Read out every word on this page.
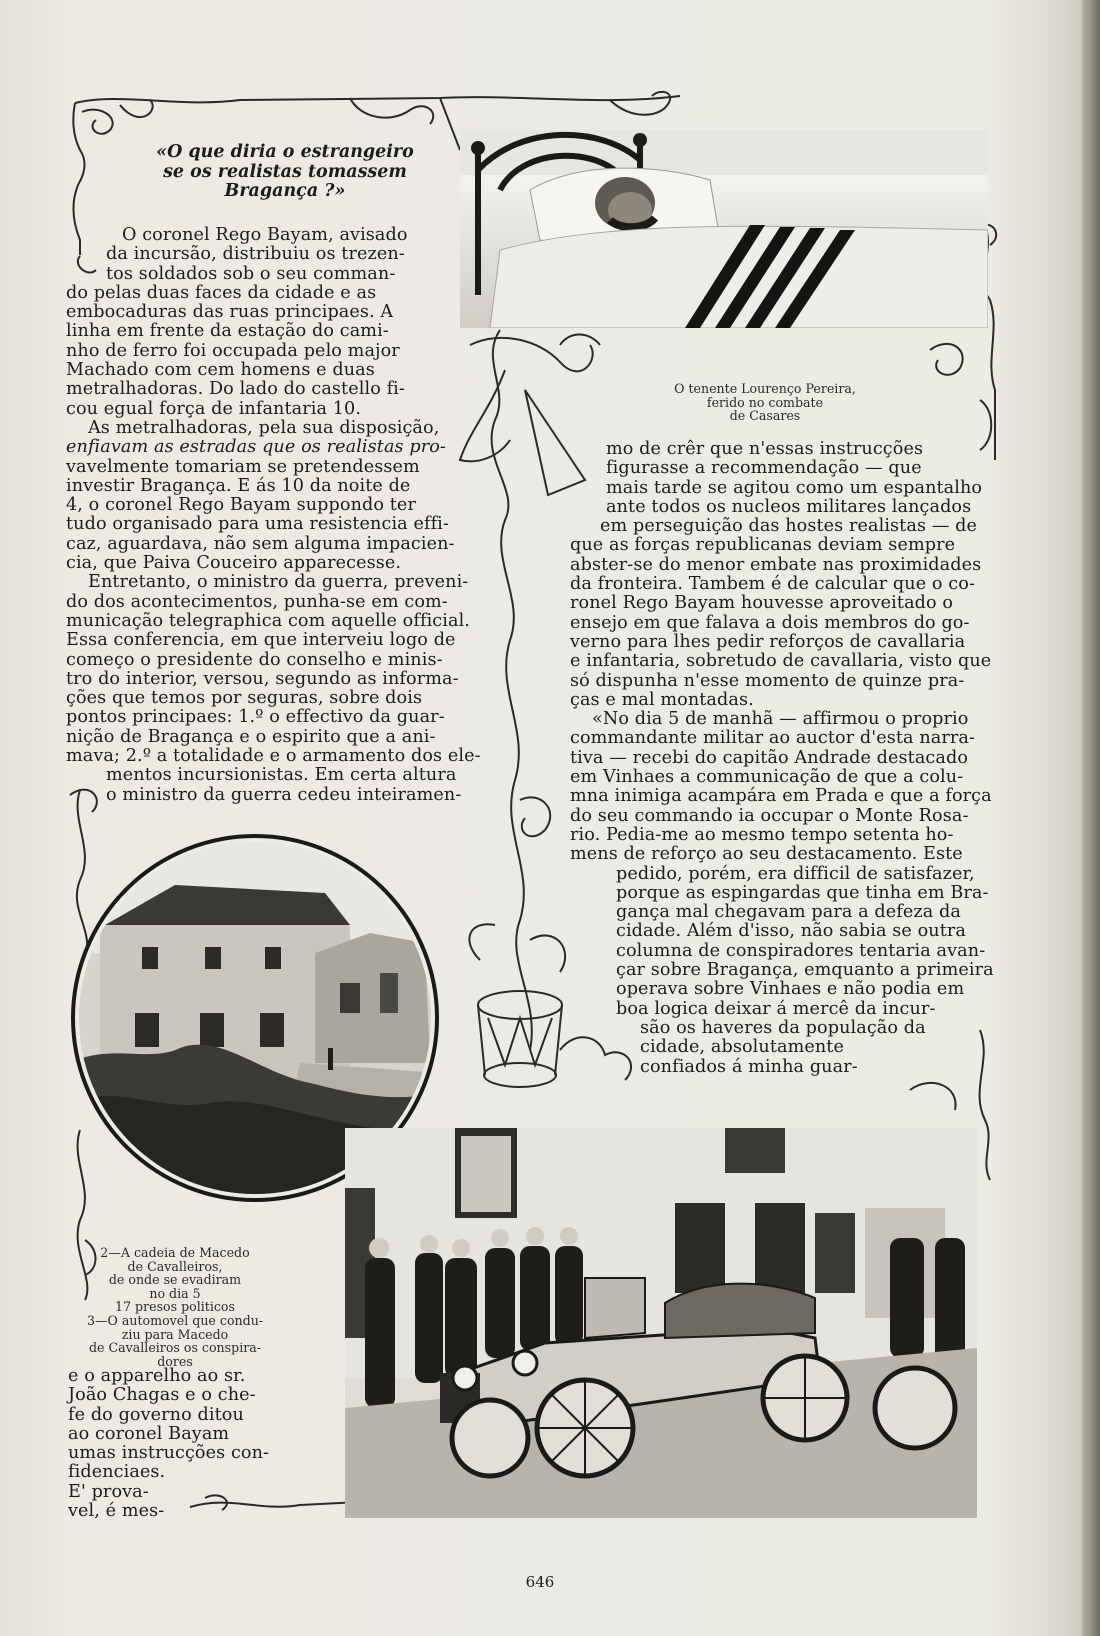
«O que diria o estrangeiro
se os realistas tomassem
Bragança ?»
O tenente Lourenço Pereira,
ferido no combate
de Casares
O coronel Rego Bayam, avisado
da incursão, distribuiu os trezen-
tos soldados sob o seu comman-
do pelas duas faces da cidade e as
embocaduras das ruas principaes. A
linha em frente da estação do cami-
nho de ferro foi occupada pelo major
Machado com cem homens e duas
metralhadoras. Do lado do castello fi-
cou egual força de infantaria 10.
As metralhadoras, pela sua disposição,
enfiavam as estradas que os realistas pro-
vavelmente tomariam se pretendessem
investir Bragança. E ás 10 da noite de
4, o coronel Rego Bayam suppondo ter
tudo organisado para uma resistencia effi-
caz, aguardava, não sem alguma impacien-
cia, que Paiva Couceiro apparecesse.
Entretanto, o ministro da guerra, preveni-
do dos acontecimentos, punha-se em com-
municação telegraphica com aquelle official.
Essa conferencia, em que interveiu logo de
começo o presidente do conselho e minis-
tro do interior, versou, segundo as informa-
ções que temos por seguras, sobre dois
pontos principaes: 1.º o effectivo da guar-
nição de Bragança e o espirito que a ani-
mava; 2.º a totalidade e o armamento dos ele-
mentos incursionistas. Em certa altura
o ministro da guerra cedeu inteiramen-
2—A cadeia de Macedo
de Cavalleiros,
de onde se evadiram
no dia 5
17 presos politicos
3—O automovel que condu-
ziu para Macedo
de Cavalleiros os conspira-
dores
e o apparelho ao sr.
João Chagas e o che-
fe do governo ditou
ao coronel Bayam
umas instrucções con-
fidenciaes.
E' prova-
vel, é mes-
mo de crêr que n'essas instrucções
figurasse a recommendação — que
mais tarde se agitou como um espantalho
ante todos os nucleos militares lançados
em perseguição das hostes realistas — de
que as forças republicanas deviam sempre
abster-se do menor embate nas proximidades
da fronteira. Tambem é de calcular que o co-
ronel Rego Bayam houvesse aproveitado o
ensejo em que falava a dois membros do go-
verno para lhes pedir reforços de cavallaria
e infantaria, sobretudo de cavallaria, visto que
só dispunha n'esse momento de quinze pra-
ças e mal montadas.
«No dia 5 de manhã — affirmou o proprio
commandante militar ao auctor d'esta narra-
tiva — recebi do capitão Andrade destacado
em Vinhaes a communicação de que a colu-
mna inimiga acampára em Prada e que a força
do seu commando ia occupar o Monte Rosa-
rio. Pedia-me ao mesmo tempo setenta ho-
mens de reforço ao seu destacamento. Este
pedido, porém, era difficil de satisfazer,
porque as espingardas que tinha em Bra-
gança mal chegavam para a defeza da
cidade. Além d'isso, não sabia se outra
columna de conspiradores tentaria avan-
çar sobre Bragança, emquanto a primeira
operava sobre Vinhaes e não podia em
boa logica deixar á mercê da incur-
são os haveres da população da
cidade, absolutamente
confiados á minha guar-
646
